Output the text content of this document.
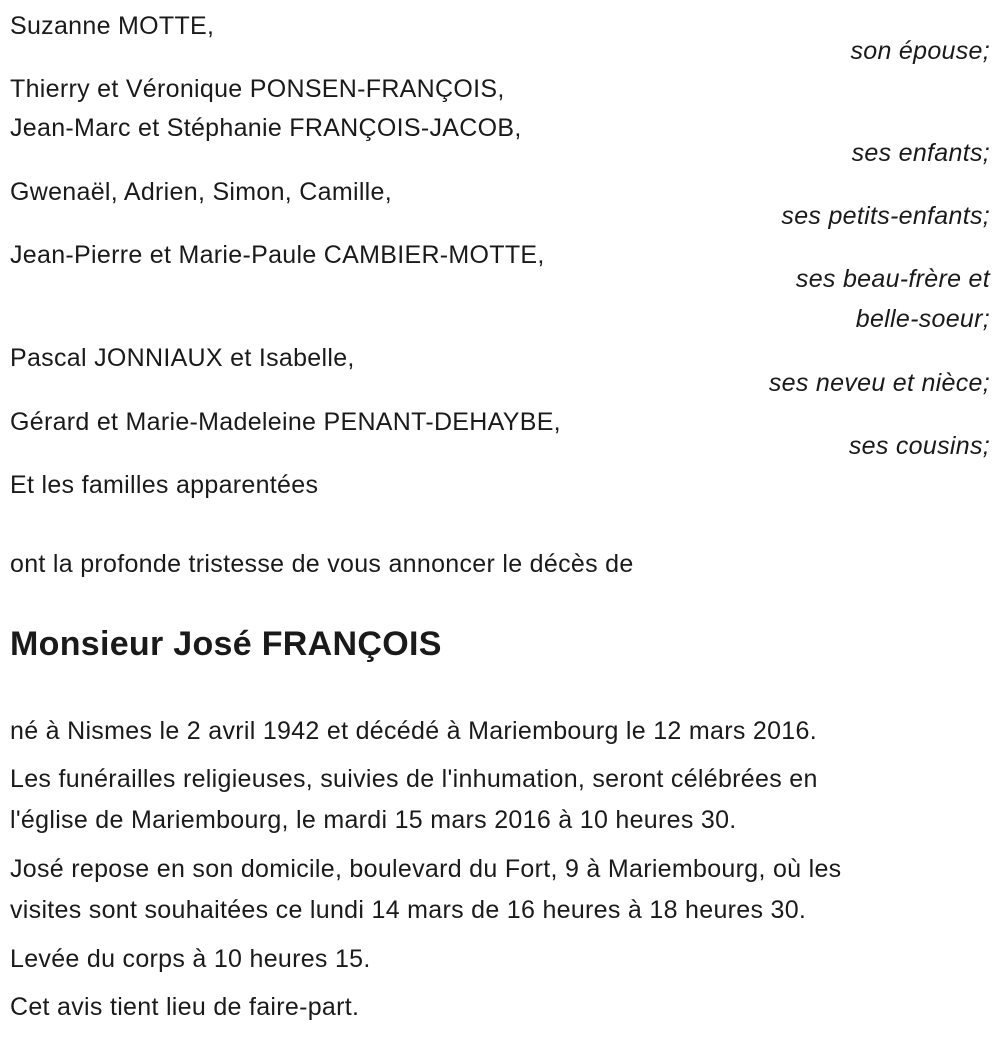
Suzanne MOTTE,
son épouse;
Thierry et Véronique PONSEN-FRANÇOIS,
Jean-Marc et Stéphanie FRANÇOIS-JACOB,
ses enfants;
Gwenaël, Adrien, Simon, Camille,
ses petits-enfants;
Jean-Pierre et Marie-Paule CAMBIER-MOTTE,
ses beau-frère et
belle-soeur;
Pascal JONNIAUX et Isabelle,
ses neveu et nièce;
Gérard et Marie-Madeleine PENANT-DEHAYBE,
ses cousins;
Et les familles apparentées
ont la profonde tristesse de vous annoncer le décès de
Monsieur José FRANÇOIS
né à Nismes le 2 avril 1942 et décédé à Mariembourg le 12 mars 2016.
Les funérailles religieuses, suivies de l'inhumation, seront célébrées en
l'église de Mariembourg, le mardi 15 mars 2016 à 10 heures 30.
José repose en son domicile, boulevard du Fort, 9 à Mariembourg, où les
visites sont souhaitées ce lundi 14 mars de 16 heures à 18 heures 30.
Levée du corps à 10 heures 15.
Cet avis tient lieu de faire-part.
